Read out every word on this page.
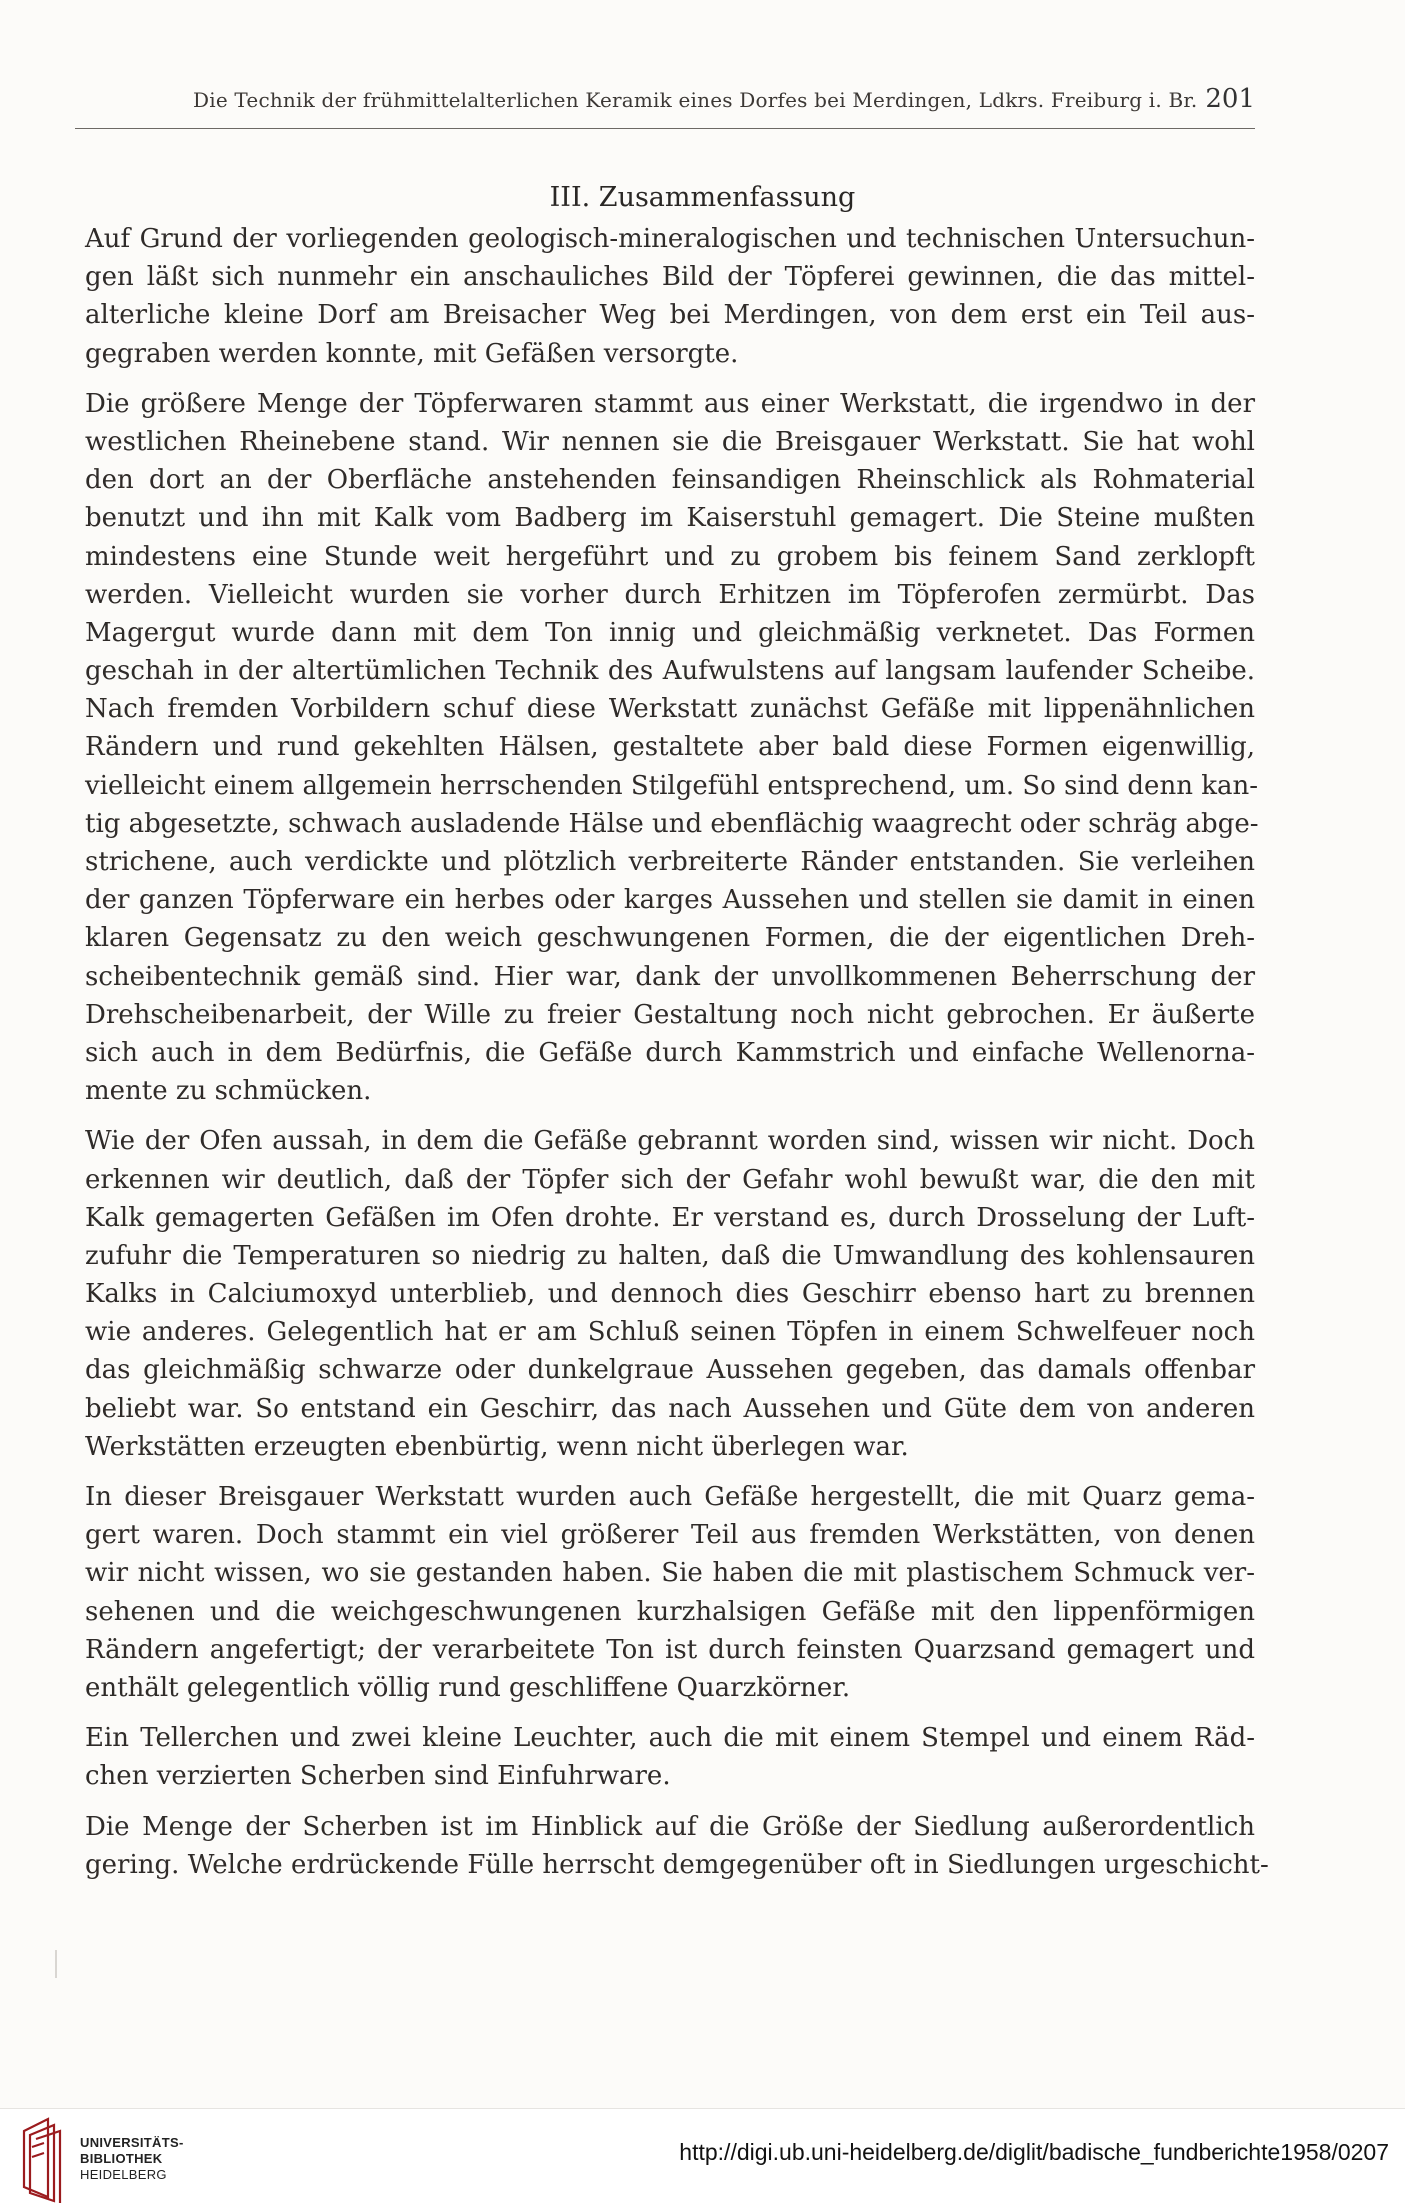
Die Technik der frühmittelalterlichen Keramik eines Dorfes bei Merdingen, Ldkrs. Freiburg i. Br. 201
III. Zusammenfassung
Auf Grund der vorliegenden geologisch-mineralogischen und technischen Untersuchun-
gen läßt sich nunmehr ein anschauliches Bild der Töpferei gewinnen, die das mittel-
alterliche kleine Dorf am Breisacher Weg bei Merdingen, von dem erst ein Teil aus-
gegraben werden konnte, mit Gefäßen versorgte.
Die größere Menge der Töpferwaren stammt aus einer Werkstatt, die irgendwo in der
westlichen Rheinebene stand. Wir nennen sie die Breisgauer Werkstatt. Sie hat wohl
den dort an der Oberfläche anstehenden feinsandigen Rheinschlick als Rohmaterial
benutzt und ihn mit Kalk vom Badberg im Kaiserstuhl gemagert. Die Steine mußten
mindestens eine Stunde weit hergeführt und zu grobem bis feinem Sand zerklopft
werden. Vielleicht wurden sie vorher durch Erhitzen im Töpferofen zermürbt. Das
Magergut wurde dann mit dem Ton innig und gleichmäßig verknetet. Das Formen
geschah in der altertümlichen Technik des Aufwulstens auf langsam laufender Scheibe.
Nach fremden Vorbildern schuf diese Werkstatt zunächst Gefäße mit lippenähnlichen
Rändern und rund gekehlten Hälsen, gestaltete aber bald diese Formen eigenwillig,
vielleicht einem allgemein herrschenden Stilgefühl entsprechend, um. So sind denn kan-
tig abgesetzte, schwach ausladende Hälse und ebenflächig waagrecht oder schräg abge-
strichene, auch verdickte und plötzlich verbreiterte Ränder entstanden. Sie verleihen
der ganzen Töpferware ein herbes oder karges Aussehen und stellen sie damit in einen
klaren Gegensatz zu den weich geschwungenen Formen, die der eigentlichen Dreh-
scheibentechnik gemäß sind. Hier war, dank der unvollkommenen Beherrschung der
Drehscheibenarbeit, der Wille zu freier Gestaltung noch nicht gebrochen. Er äußerte
sich auch in dem Bedürfnis, die Gefäße durch Kammstrich und einfache Wellenorna-
mente zu schmücken.
Wie der Ofen aussah, in dem die Gefäße gebrannt worden sind, wissen wir nicht. Doch
erkennen wir deutlich, daß der Töpfer sich der Gefahr wohl bewußt war, die den mit
Kalk gemagerten Gefäßen im Ofen drohte. Er verstand es, durch Drosselung der Luft-
zufuhr die Temperaturen so niedrig zu halten, daß die Umwandlung des kohlensauren
Kalks in Calciumoxyd unterblieb, und dennoch dies Geschirr ebenso hart zu brennen
wie anderes. Gelegentlich hat er am Schluß seinen Töpfen in einem Schwelfeuer noch
das gleichmäßig schwarze oder dunkelgraue Aussehen gegeben, das damals offenbar
beliebt war. So entstand ein Geschirr, das nach Aussehen und Güte dem von anderen
Werkstätten erzeugten ebenbürtig, wenn nicht überlegen war.
In dieser Breisgauer Werkstatt wurden auch Gefäße hergestellt, die mit Quarz gema-
gert waren. Doch stammt ein viel größerer Teil aus fremden Werkstätten, von denen
wir nicht wissen, wo sie gestanden haben. Sie haben die mit plastischem Schmuck ver-
sehenen und die weichgeschwungenen kurzhalsigen Gefäße mit den lippenförmigen
Rändern angefertigt; der verarbeitete Ton ist durch feinsten Quarzsand gemagert und
enthält gelegentlich völlig rund geschliffene Quarzkörner.
Ein Tellerchen und zwei kleine Leuchter, auch die mit einem Stempel und einem Räd-
chen verzierten Scherben sind Einfuhrware.
Die Menge der Scherben ist im Hinblick auf die Größe der Siedlung außerordentlich
gering. Welche erdrückende Fülle herrscht demgegenüber oft in Siedlungen urgeschicht-
UNIVERSITÄTS-
BIBLIOTHEK
HEIDELBERG
http://digi.ub.uni-heidelberg.de/diglit/badische_fundberichte1958/0207
